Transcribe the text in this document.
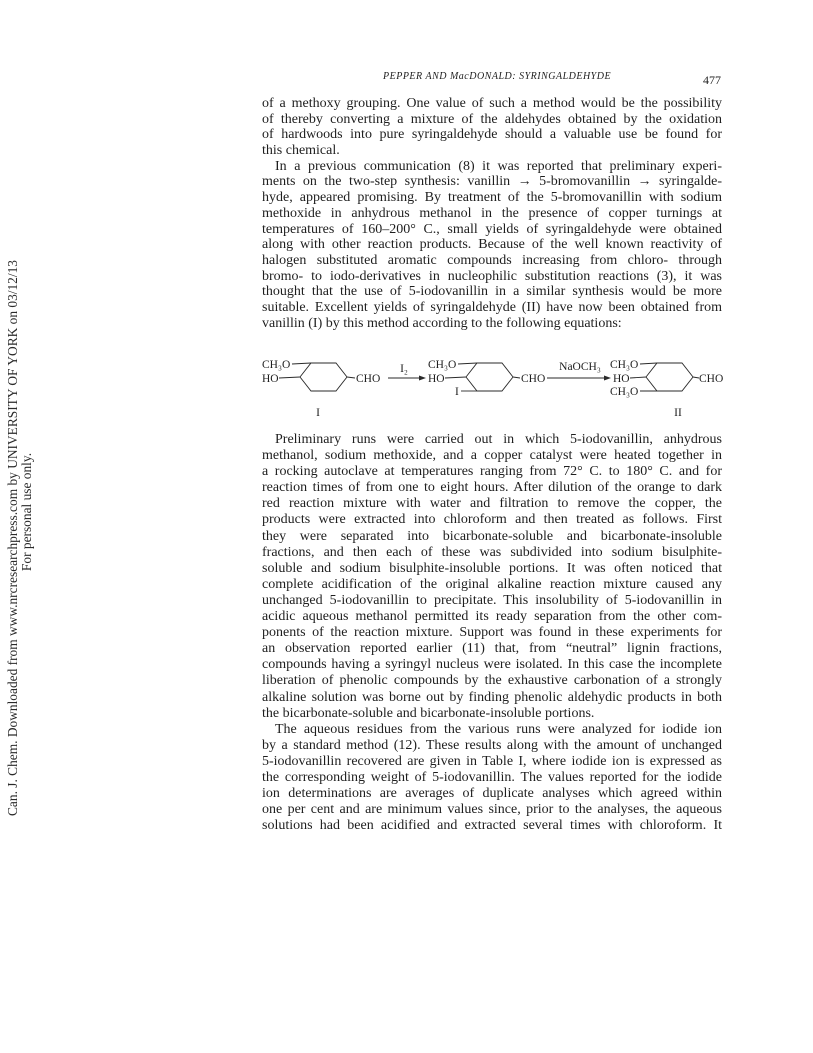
PEPPER AND MacDONALD: SYRINGALDEHYDE	477
Can. J. Chem. Downloaded from www.nrcresearchpress.com by UNIVERSITY OF YORK on 03/12/13 For personal use only.
of a methoxy grouping. One value of such a method would be the possibility
of thereby converting a mixture of the aldehydes obtained by the oxidation
of hardwoods into pure syringaldehyde should a valuable use be found for
this chemical.
In a previous communication (8) it was reported that preliminary experi-
ments on the two-step synthesis: vanillin → 5-bromovanillin → syringalde-
hyde, appeared promising. By treatment of the 5-bromovanillin with sodium
methoxide in anhydrous methanol in the presence of copper turnings at
temperatures of 160–200° C., small yields of syringaldehyde were obtained
along with other reaction products. Because of the well known reactivity of
halogen substituted aromatic compounds increasing from chloro- through
bromo- to iodo-derivatives in nucleophilic substitution reactions (3), it was
thought that the use of 5-iodovanillin in a similar synthesis would be more
suitable. Excellent yields of syringaldehyde (II) have now been obtained from
vanillin (I) by this method according to the following equations:
CH₃O
HO	CHO
I
I₂ CH₃O
HO	CHO
I
NaOCH₃ CH₃O
HO	CHO
CH₃O
II
Preliminary runs were carried out in which 5-iodovanillin, anhydrous
methanol, sodium methoxide, and a copper catalyst were heated together in
a rocking autoclave at temperatures ranging from 72° C. to 180° C. and for
reaction times of from one to eight hours. After dilution of the orange to dark
red reaction mixture with water and filtration to remove the copper, the
products were extracted into chloroform and then treated as follows. First
they were separated into bicarbonate-soluble and bicarbonate-insoluble
fractions, and then each of these was subdivided into sodium bisulphite-
soluble and sodium bisulphite-insoluble portions. It was often noticed that
complete acidification of the original alkaline reaction mixture caused any
unchanged 5-iodovanillin to precipitate. This insolubility of 5-iodovanillin in
acidic aqueous methanol permitted its ready separation from the other com-
ponents of the reaction mixture. Support was found in these experiments for
an observation reported earlier (11) that, from “neutral” lignin fractions,
compounds having a syringyl nucleus were isolated. In this case the incomplete
liberation of phenolic compounds by the exhaustive carbonation of a strongly
alkaline solution was borne out by finding phenolic aldehydic products in both
the bicarbonate-soluble and bicarbonate-insoluble portions.
The aqueous residues from the various runs were analyzed for iodide ion
by a standard method (12). These results along with the amount of unchanged
5-iodovanillin recovered are given in Table I, where iodide ion is expressed as
the corresponding weight of 5-iodovanillin. The values reported for the iodide
ion determinations are averages of duplicate analyses which agreed within
one per cent and are minimum values since, prior to the analyses, the aqueous
solutions had been acidified and extracted several times with chloroform. It
